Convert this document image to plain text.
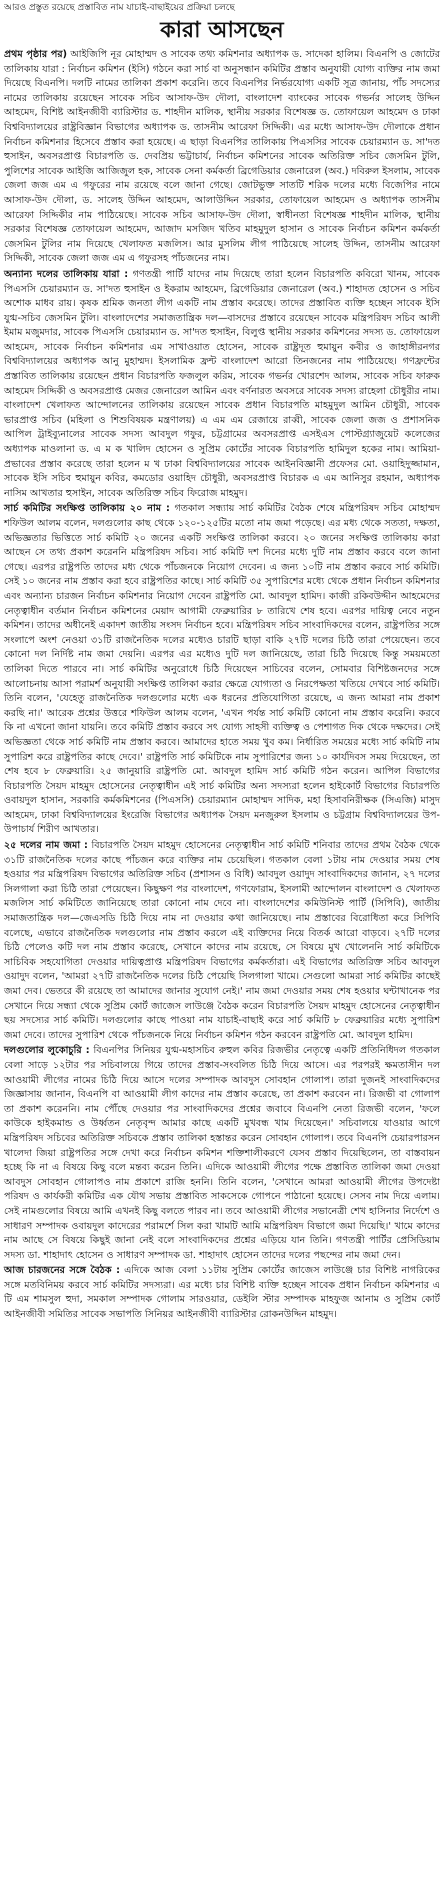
আরও প্রস্তুত রয়েছে প্রস্তাবিত নাম যাচাই-বাছাইয়ের প্রক্রিয়া চলছে
কারা আসছেন

প্রথম পৃষ্ঠার পর) আইজিপি নূর মোহাম্মদ ও সাবেক তথ্য কমিশনার অধ্যাপক ড. সাদেকা হালিম। বিএনপি ও জোটের তালিকায় যারা : নির্বাচন কমিশন (ইসি) গঠনে করা সার্চ বা অনুসন্ধান কমিটির প্রস্তাব অনুযায়ী যোগ্য ব্যক্তির নাম জমা দিয়েছে বিএনপি। দলটি নামের তালিকা প্রকাশ করেনি। তবে বিএনপির নির্ভরযোগ্য একটি সূত্র জানায়, পাঁচ সদস্যের নামের তালিকায় রয়েছেন সাবেক সচিব আসাফ-উদ দৌলা, বাংলাদেশ ব্যাংকের সাবেক গভর্নর সালেহ উদ্দিন আহমেদ, বিশিষ্ট আইনজীবী ব্যারিস্টার ড. শাহদীন মালিক, স্থানীয় সরকার বিশেষজ্ঞ ড. তোফায়েল আহমেদ ও ঢাকা বিশ্ববিদ্যালয়ের রাষ্ট্রবিজ্ঞান বিভাগের অধ্যাপক ড. তাসনীম আরেফা সিদ্দিকী। এর মধ্যে আসাফ-উদ দৌলাকে প্রধান নির্বাচন কমিশনার হিসেবে প্রস্তাব করা হয়েছে। এ ছাড়া বিএনপির তালিকায় পিএসসির সাবেক চেয়ারম্যান ড. সা'দত হুসাইন, অবসরপ্রাপ্ত বিচারপতি ড. দেবপ্রিয় ভট্টাচার্য, নির্বাচন কমিশনের সাবেক অতিরিক্ত সচিব জেসমিন টুলি, পুলিশের সাবেক আইজি আজিজুল হক, সাবেক সেনা কর্মকর্তা ব্রিগেডিয়ার জেনারেল (অব.) দবিরুল ইসলাম, সাবেক জেলা জজ এম এ গফুরের নাম রয়েছে বলে জানা গেছে। জোটভুক্ত সাতটি শরিক দলের মধ্যে বিজেপির নামে আসাফ-উদ দৌলা, ড. সালেহ উদ্দিন আহমেদ, আলাউদ্দিন সরকার, তোফায়েল আহমেদ ও অধ্যাপক তাসনীম আরেফা সিদ্দিকীর নাম পাঠিয়েছে। সাবেক সচিব আসাফ-উদ দৌলা, স্বাধীনতা বিশেষজ্ঞ শাহদীন মালিক, স্থানীয় সরকার বিশেষজ্ঞ তোফায়েল আহমেদ, আজাদ মসজিদ খতিব মাহমুদুল হাসান ও সাবেক নির্বাচন কমিশন কর্মকর্তা জেসমিন টুলির নাম দিয়েছে খেলাফত মজলিস। আর মুসলিম লীগ পাঠিয়েছে সালেহ উদ্দিন, তাসনীম আরেফা সিদ্দিকী, সাবেক জেলা জজ এম এ গফুরসহ পাঁচজনের নাম।

অন্যান্য দলের তালিকায় যারা : গণতন্ত্রী পার্টি যাদের নাম দিয়েছে তারা হলেন বিচারপতি কবিরো খানম, সাবেক পিএসসি চেয়ারম্যান ড. সা'দত হুসাইন ও ইকরাম আহমেদ, ব্রিগেডিয়ার জেনারেল (অব.) শাহাদত হোসেন ও সচিব অশোক মাধব রায়। কৃষক শ্রমিক জনতা লীগ একটি নাম প্রস্তাব করেছে। তাদের প্রস্তাবিত ব্যক্তি হচ্ছেন সাবেক ইসি যুগ্ম-সচিব জেসমিন টুলি। বাংলাদেশের সমাজতান্ত্রিক দল—বাসদের প্রস্তাবে রয়েছেন সাবেক মন্ত্রিপরিষদ সচিব আলী ইমাম মজুমদার, সাবেক পিএসসি চেয়ারম্যান ড. সা'দত হুসাইন, বিলুপ্ত স্থানীয় সরকার কমিশনের সদস্য ড. তোফায়েল আহমেদ, সাবেক নির্বাচন কমিশনার এম সাখাওয়াত হোসেন, সাবেক রাষ্ট্রদূত হুমায়ুন কবীর ও জাহাঙ্গীরনগর বিশ্ববিদ্যালয়ের অধ্যাপক আনু মুহাম্মদ। ইসলামিক ফ্রন্ট বাংলাদেশ আরো তিনজনের নাম পাঠিয়েছে। গণফ্রন্টের প্রস্তাবিত তালিকায় রয়েছেন প্রধান বিচারপতি ফজলুল করিম, সাবেক গভর্নর খোরশেদ আলম, সাবেক সচিব ফারুক আহমেদ সিদ্দিকী ও অবসরপ্রাপ্ত মেজর জেনারেল আমিন এবং বর্ণনারত অবসরে সাবেক সদস্য রাহেলা চৌধুরীর নাম। বাংলাদেশ খেলাফত আন্দোলনের তালিকায় রয়েছেন সাবেক প্রধান বিচারপতি মাহমুদুল আমিন চৌধুরী, সাবেক ভারপ্রাপ্ত সচিব (মহিলা ও শিশুবিষয়ক মন্ত্রণালয়) এ এম এম রেজায়ে রাব্বী, সাবেক জেলা জজ ও প্রশাসনিক আপিল ট্রাইব্যুনালের সাবেক সদস্য আবদুল গফুর, চট্টগ্রামের অবসরপ্রাপ্ত এসইএস পোস্টগ্র্যাজুয়েট কলেজের অধ্যাপক মাওলানা ড. এ ম ক খালিদ হোসেন ও সুপ্রিম কোর্টের সাবেক বিচারপতি হামিদুল হকের নাম। আমিয়া-প্রভাবের প্রস্তাব করেছে তারা হলেন ম খ ঢাকা বিশ্ববিদ্যালয়ের সাবেক আইনবিজ্ঞানী প্রফেসর মো. ওয়াহিদুজ্জামান, সাবেক ইসি সচিব হুমায়ুন কবির, কমডোর ওয়াহিদ চৌধুরী, অবসরপ্রাপ্ত বিচারক এ এম আনিসুর রহমান, অধ্যাপক নাসিম আখতার হুসাইন, সাবেক অতিরিক্ত সচিব ফিরোজ মাহমুদ।

সার্চ কমিটির সংক্ষিপ্ত তালিকায় ২০ নাম : গতকাল সন্ধ্যায় সার্চ কমিটির বৈঠক শেষে মন্ত্রিপরিষদ সচিব মোহাম্মদ শফিউল আলম বলেন, দলগুলোর কাছ থেকে ১২০-১২৫টির মতো নাম জমা পড়েছে। এর মধ্য থেকে সততা, দক্ষতা, অভিজ্ঞতার ভিত্তিতে সার্চ কমিটি ২০ জনের একটি সংক্ষিপ্ত তালিকা করবে। ২০ জনের সংক্ষিপ্ত তালিকায় কারা আছেন সে তথ্য প্রকাশ করেননি মন্ত্রিপরিষদ সচিব। সার্চ কমিটি দশ দিনের মধ্যে দুটি নাম প্রস্তাব করবে বলে জানা গেছে। এরপর রাষ্ট্রপতি তাদের মধ্য থেকে পাঁচজনকে নিয়োগ দেবেন। এ জন্য ১০টি নাম প্রস্তাব করবে সার্চ কমিটি। সেই ১০ জনের নাম প্রস্তাব করা হবে রাষ্ট্রপতির কাছে। সার্চ কমিটি ৩৫ সুপারিশের মধ্যে থেকে প্রধান নির্বাচন কমিশনার এবং অন্যান্য চারজন নির্বাচন কমিশনার নিয়োগ দেবেন রাষ্ট্রপতি মো. আবদুল হামিদ। কাজী রকিবউদ্দীন আহমেদের নেতৃত্বাধীন বর্তমান নির্বাচন কমিশনের মেয়াদ আগামী ফেব্রুয়ারির ৮ তারিখে শেষ হবে। এরপর দায়িত্ব নেবে নতুন কমিশন। তাদের অধীনেই একাদশ জাতীয় সংসদ নির্বাচন হবে। মন্ত্রিপরিষদ সচিব সাংবাদিকদের বলেন, রাষ্ট্রপতির সঙ্গে সংলাপে অংশ নেওয়া ৩১টি রাজনৈতিক দলের মধ্যেও চারটি ছাড়া বাকি ২৭টি দলের চিঠি তারা পেয়েছেন। তবে কোনো দল নির্দিষ্ট নাম জমা দেয়নি। এরপর এর মধ্যেও দুটি দল জানিয়েছে, তারা চিঠি দিয়েছে কিন্তু সময়মতো তালিকা দিতে পারবে না। সার্চ কমিটির অনুরোধে চিঠি দিয়েছেন সাচিবের বলেন, সোমবার বিশিষ্টজনদের সঙ্গে আলোচনায় আসা পরামর্শ অনুযায়ী সংক্ষিপ্ত তালিকা করার ক্ষেত্রে যোগ্যতা ও নিরপেক্ষতা খতিয়ে দেখবে সার্চ কমিটি। তিনি বলেন, 'যেহেতু রাজনৈতিক দলগুলোর মধ্যে এক ধরনের প্রতিযোগিতা রয়েছে, এ জন্য আমরা নাম প্রকাশ করছি না।' আরেক প্রশ্নের উত্তরে শফিউল আলম বলেন, 'এখন পর্যন্ত সার্চ কমিটি কোনো নাম প্রস্তাব করেনি। করবে কি না এখনো জানা যায়নি। তবে কমিটি প্রস্তাব করবে সৎ যোগ্য সাহসী ব্যক্তিত্ব ও পেশাগত দিক থেকে দক্ষদের। সেই অভিজ্ঞতা থেকে সার্চ কমিটি নাম প্রস্তাব করবে। আমাদের হাতে সময় খুব কম। নির্ধারিত সময়ের মধ্যে সার্চ কমিটি নাম সুপারিশ করে রাষ্ট্রপতির কাছে দেবে।' রাষ্ট্রপতি সার্চ কমিটিকে নাম সুপারিশের জন্য ১০ কার্যদিবস সময় দিয়েছেন, তা শেষ হবে ৮ ফেব্রুয়ারি। ২৫ জানুয়ারি রাষ্ট্রপতি মো. আবদুল হামিদ সার্চ কমিটি গঠন করেন। আপিল বিভাগের বিচারপতি সৈয়দ মাহমুদ হোসেনের নেতৃত্বাধীন এই সার্চ কমিটির অন্য সদস্যরা হলেন হাইকোর্ট বিভাগের বিচারপতি ওবায়দুল হাসান, সরকারি কর্মকমিশনের (পিএসসি) চেয়ারম্যান মোহাম্মদ সাদিক, মহা হিসাবনিরীক্ষক (সিএজি) মাসুদ আহমেদ, ঢাকা বিশ্ববিদ্যালয়ের ইংরেজি বিভাগের অধ্যাপক সৈয়দ মনজুরুল ইসলাম ও চট্টগ্রাম বিশ্ববিদ্যালয়ের উপ-উপাচার্য শিরীণ আখতার।

২৫ দলের নাম জমা : বিচারপতি সৈয়দ মাহমুদ হোসেনের নেতৃত্বাধীন সার্চ কমিটি শনিবার তাদের প্রথম বৈঠক থেকে ৩১টি রাজনৈতিক দলের কাছে পাঁচজন করে ব্যক্তির নাম চেয়েছিল। গতকাল বেলা ১টায় নাম দেওয়ার সময় শেষ হওয়ার পর মন্ত্রিপরিষদ বিভাগের অতিরিক্ত সচিব (প্রশাসন ও বিধি) আবদুল ওয়াদুদ সাংবাদিকদের জানান, ২৭ দলের সিলগালা করা চিঠি তারা পেয়েছেন। কিছুক্ষণ পর বাংলাদেশ, গণফোরাম, ইসলামী আন্দোলন বাংলাদেশ ও খেলাফত মজলিস সার্চ কমিটিতে জানিয়েছে তারা কোনো নাম দেবে না। বাংলাদেশের কমিউনিস্ট পার্টি (সিপিবি), জাতীয় সমাজতান্ত্রিক দল—জেএসডি চিঠি দিয়ে নাম না দেওয়ার কথা জানিয়েছে। নাম প্রস্তাবের বিরোধিতা করে সিপিবি বলেছে, এভাবে রাজনৈতিক দলগুলোর নাম প্রস্তাব করলে এই ব্যক্তিদের নিয়ে বিতর্ক আরো বাড়বে। ২৭টি দলের চিঠি পেলেও কটি দল নাম প্রস্তাব করেছে, সেখানে কাদের নাম রয়েছে, সে বিষয়ে মুখ খোলেননি সার্চ কমিটিকে সাচিবিক সহযোগিতা দেওয়ার দায়িত্বপ্রাপ্ত মন্ত্রিপরিষদ বিভাগের কর্মকর্তারা। এই বিভাগের অতিরিক্ত সচিব আবদুল ওয়াদুদ বলেন, 'আমরা ২৭টি রাজনৈতিক দলের চিঠি পেয়েছি সিলগালা খামে। সেগুলো আমরা সার্চ কমিটির কাছেই জমা দেব। ভেতরে কী রয়েছে তা আমাদের জানার সুযোগ নেই।' নাম জমা দেওয়ার সময় শেষ হওয়ার ঘন্টাখানেক পর সেখানে দিয়ে সন্ধ্যা থেকে সুপ্রিম কোর্ট জাজেস লাউঞ্জে বৈঠক করেন বিচারপতি সৈয়দ মাহমুদ হোসেনের নেতৃত্বাধীন ছয় সদস্যের সার্চ কমিটি। দলগুলোর কাছে পাওয়া নাম যাচাই-বাছাই করে সার্চ কমিটি ৮ ফেব্রুয়ারির মধ্যে সুপারিশ জমা দেবে। তাদের সুপারিশ থেকে পাঁচজনকে নিয়ে নির্বাচন কমিশন গঠন করবেন রাষ্ট্রপতি মো. আবদুল হামিদ।

দলগুলোর লুকোচুরি : বিএনপির সিনিয়র যুগ্ম-মহাসচিব রুহুল কবির রিজভীর নেতৃত্বে একটি প্রতিনিধিদল গতকাল বেলা সাড়ে ১২টার পর সচিবালয়ে গিয়ে তাদের প্রস্তাব-সংবলিত চিঠি দিয়ে আসে। এর পরপরই ক্ষমতাসীন দল আওয়ামী লীগের নামের চিঠি দিয়ে আসে দলের সম্পাদক আবদুস সোবহান গোলাপ। তারা দুজনই সাংবাদিকদের জিজ্ঞাসায় জানান, বিএনপি বা আওয়ামী লীগ কাদের নাম প্রস্তাব করেছে, তা প্রকাশ করবেন না। রিজভী বা গোলাপ তা প্রকাশ করেননি। নাম পৌঁছে দেওয়ার পর সাংবাদিকদের প্রশ্নের জবাবে বিএনপি নেতা রিজভী বলেন, 'ফলে কাউকে হাইকমান্ড ও উর্ধ্বতন নেতৃবৃন্দ আমার কাছে একটি মুখবন্ধ খাম দিয়েছেন।' সচিবালয়ে যাওয়ার আগে মন্ত্রিপরিষদ সচিবের অতিরিক্ত সচিবকে প্রস্তাব তালিকা হস্তান্তর করেন সোবহান গোলাপ। তবে বিএনপি চেয়ারপারসন খালেদা জিয়া রাষ্ট্রপতির সঙ্গে দেখা করে নির্বাচন কমিশন শক্তিশালীকরণে যেসব প্রস্তাব দিয়েছিলেন, তা বাস্তবায়ন হচ্ছে কি না এ বিষয়ে কিছু বলে মন্তব্য করেন তিনি। এদিকে আওয়ামী লীগের পক্ষে প্রস্তাবিত তালিকা জমা দেওয়া আবদুস সোবহান গোলাপও নাম প্রকাশে রাজি হননি। তিনি বলেন, 'সেখানে আমরা আওয়ামী লীগের উপদেষ্টা পরিষদ ও কার্যকরী কমিটির এক যৌথ সভায় প্রস্তাবিত সাকসেকে গোপনে পাঠানো হয়েছে। সেসব নাম দিয়ে এলাম। সেই নামগুলোর বিষয়ে আমি এখনই কিছু বলতে পারব না। তবে আওয়ামী লীগের সভানেত্রী শেখ হাসিনার নির্দেশে ও সাধারণ সম্পাদক ওবায়দুল কাদেরের পরামর্শে সিল করা খামটি আমি মন্ত্রিপরিষদ বিভাগে জমা দিয়েছি।' খামে কাদের নাম আছে সে বিষয়ে কিছুই জানা নেই বলে সাংবাদিকদের প্রশ্নের এড়িয়ে যান তিনি। গণতন্ত্রী পার্টির প্রেসিডিয়াম সদস্য ডা. শাহাদাৎ হোসেন ও সাধারণ সম্পাদক ডা. শাহাদাৎ হোসেন তাদের দলের পছন্দের নাম জমা দেন।

আজ চারজনের সঙ্গে বৈঠক : এদিকে আজ বেলা ১১টায় সুপ্রিম কোর্টের জাজেস লাউঞ্জে চার বিশিষ্ট নাগরিকের সঙ্গে মতবিনিময় করবে সার্চ কমিটির সদস্যরা। এর মধ্যে চার বিশিষ্ট ব্যক্তি হচ্ছেন সাবেক প্রধান নির্বাচন কমিশনার এ টি এম শামসুল হুদা, সমকাল সম্পাদক গোলাম সারওয়ার, ডেইলি স্টার সম্পাদক মাহফুজ আনাম ও সুপ্রিম কোর্ট আইনজীবী সমিতির সাবেক সভাপতি সিনিয়র আইনজীবী ব্যারিস্টার রোকনউদ্দিন মাহমুদ।
